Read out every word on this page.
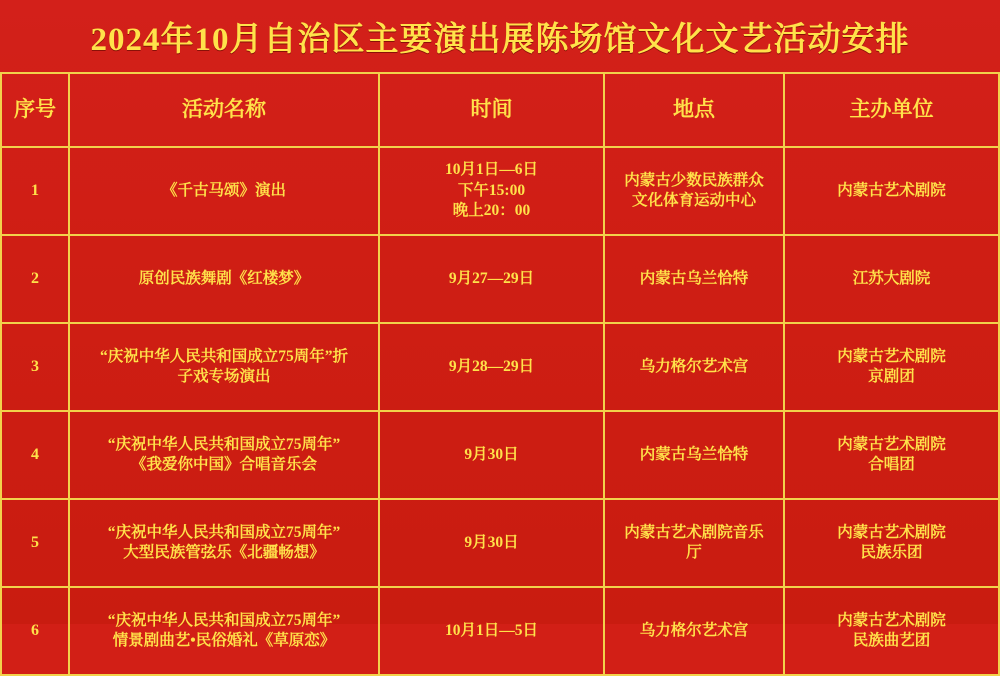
2024年10月自治区主要演出展陈场馆文化文艺活动安排
序号	活动名称	时间	地点	主办单位
1	《千古马颂》演出	10月1日—6日
下午15:00
晚上20：00	内蒙古少数民族群众
文化体育运动中心	内蒙古艺术剧院

2	原创民族舞剧《红楼梦》	9月27—29日	内蒙古乌兰恰特	江苏大剧院

3	“庆祝中华人民共和国成立75周年”折
子戏专场演出	9月28—29日	乌力格尔艺术宫	内蒙古艺术剧院
京剧团

4	“庆祝中华人民共和国成立75周年”
《我爱你中国》合唱音乐会	9月30日	内蒙古乌兰恰特	内蒙古艺术剧院
合唱团

5	“庆祝中华人民共和国成立75周年”
大型民族管弦乐《北疆畅想》	9月30日	内蒙古艺术剧院音乐
厅	内蒙古艺术剧院
民族乐团

6	“庆祝中华人民共和国成立75周年”
情景剧曲艺•民俗婚礼《草原恋》	10月1日—5日	乌力格尔艺术宫	内蒙古艺术剧院
民族曲艺团
